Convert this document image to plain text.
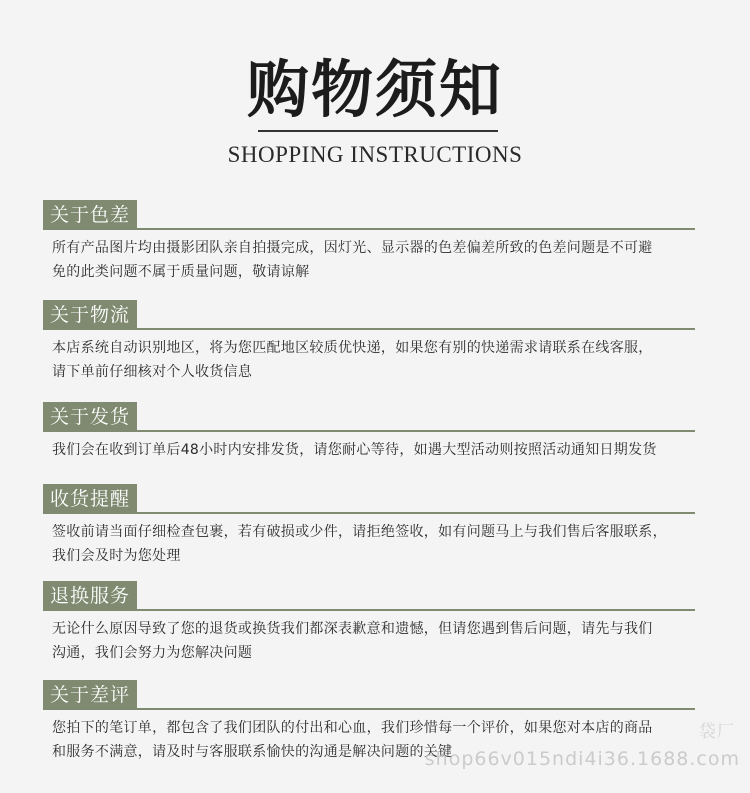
购物须知
SHOPPING INSTRUCTIONS
关于色差
所有产品图片均由摄影团队亲自拍摄完成，因灯光、显示器的色差偏差所致的色差问题是不可避
免的此类问题不属于质量问题，敬请谅解
关于物流
本店系统自动识别地区，将为您匹配地区较质优快递，如果您有别的快递需求请联系在线客服，
请下单前仔细核对个人收货信息
关于发货
我们会在收到订单后48小时内安排发货，请您耐心等待，如遇大型活动则按照活动通知日期发货
收货提醒
签收前请当面仔细检查包裹，若有破损或少件，请拒绝签收，如有问题马上与我们售后客服联系，
我们会及时为您处理
退换服务
无论什么原因导致了您的退货或换货我们都深表歉意和遗憾，但请您遇到售后问题，请先与我们
沟通，我们会努力为您解决问题
关于差评
您拍下的笔订单，都包含了我们团队的付出和心血，我们珍惜每一个评价，如果您对本店的商品
和服务不满意，请及时与客服联系愉快的沟通是解决问题的关键
袋厂
shop66v015ndi4i36.1688.com
